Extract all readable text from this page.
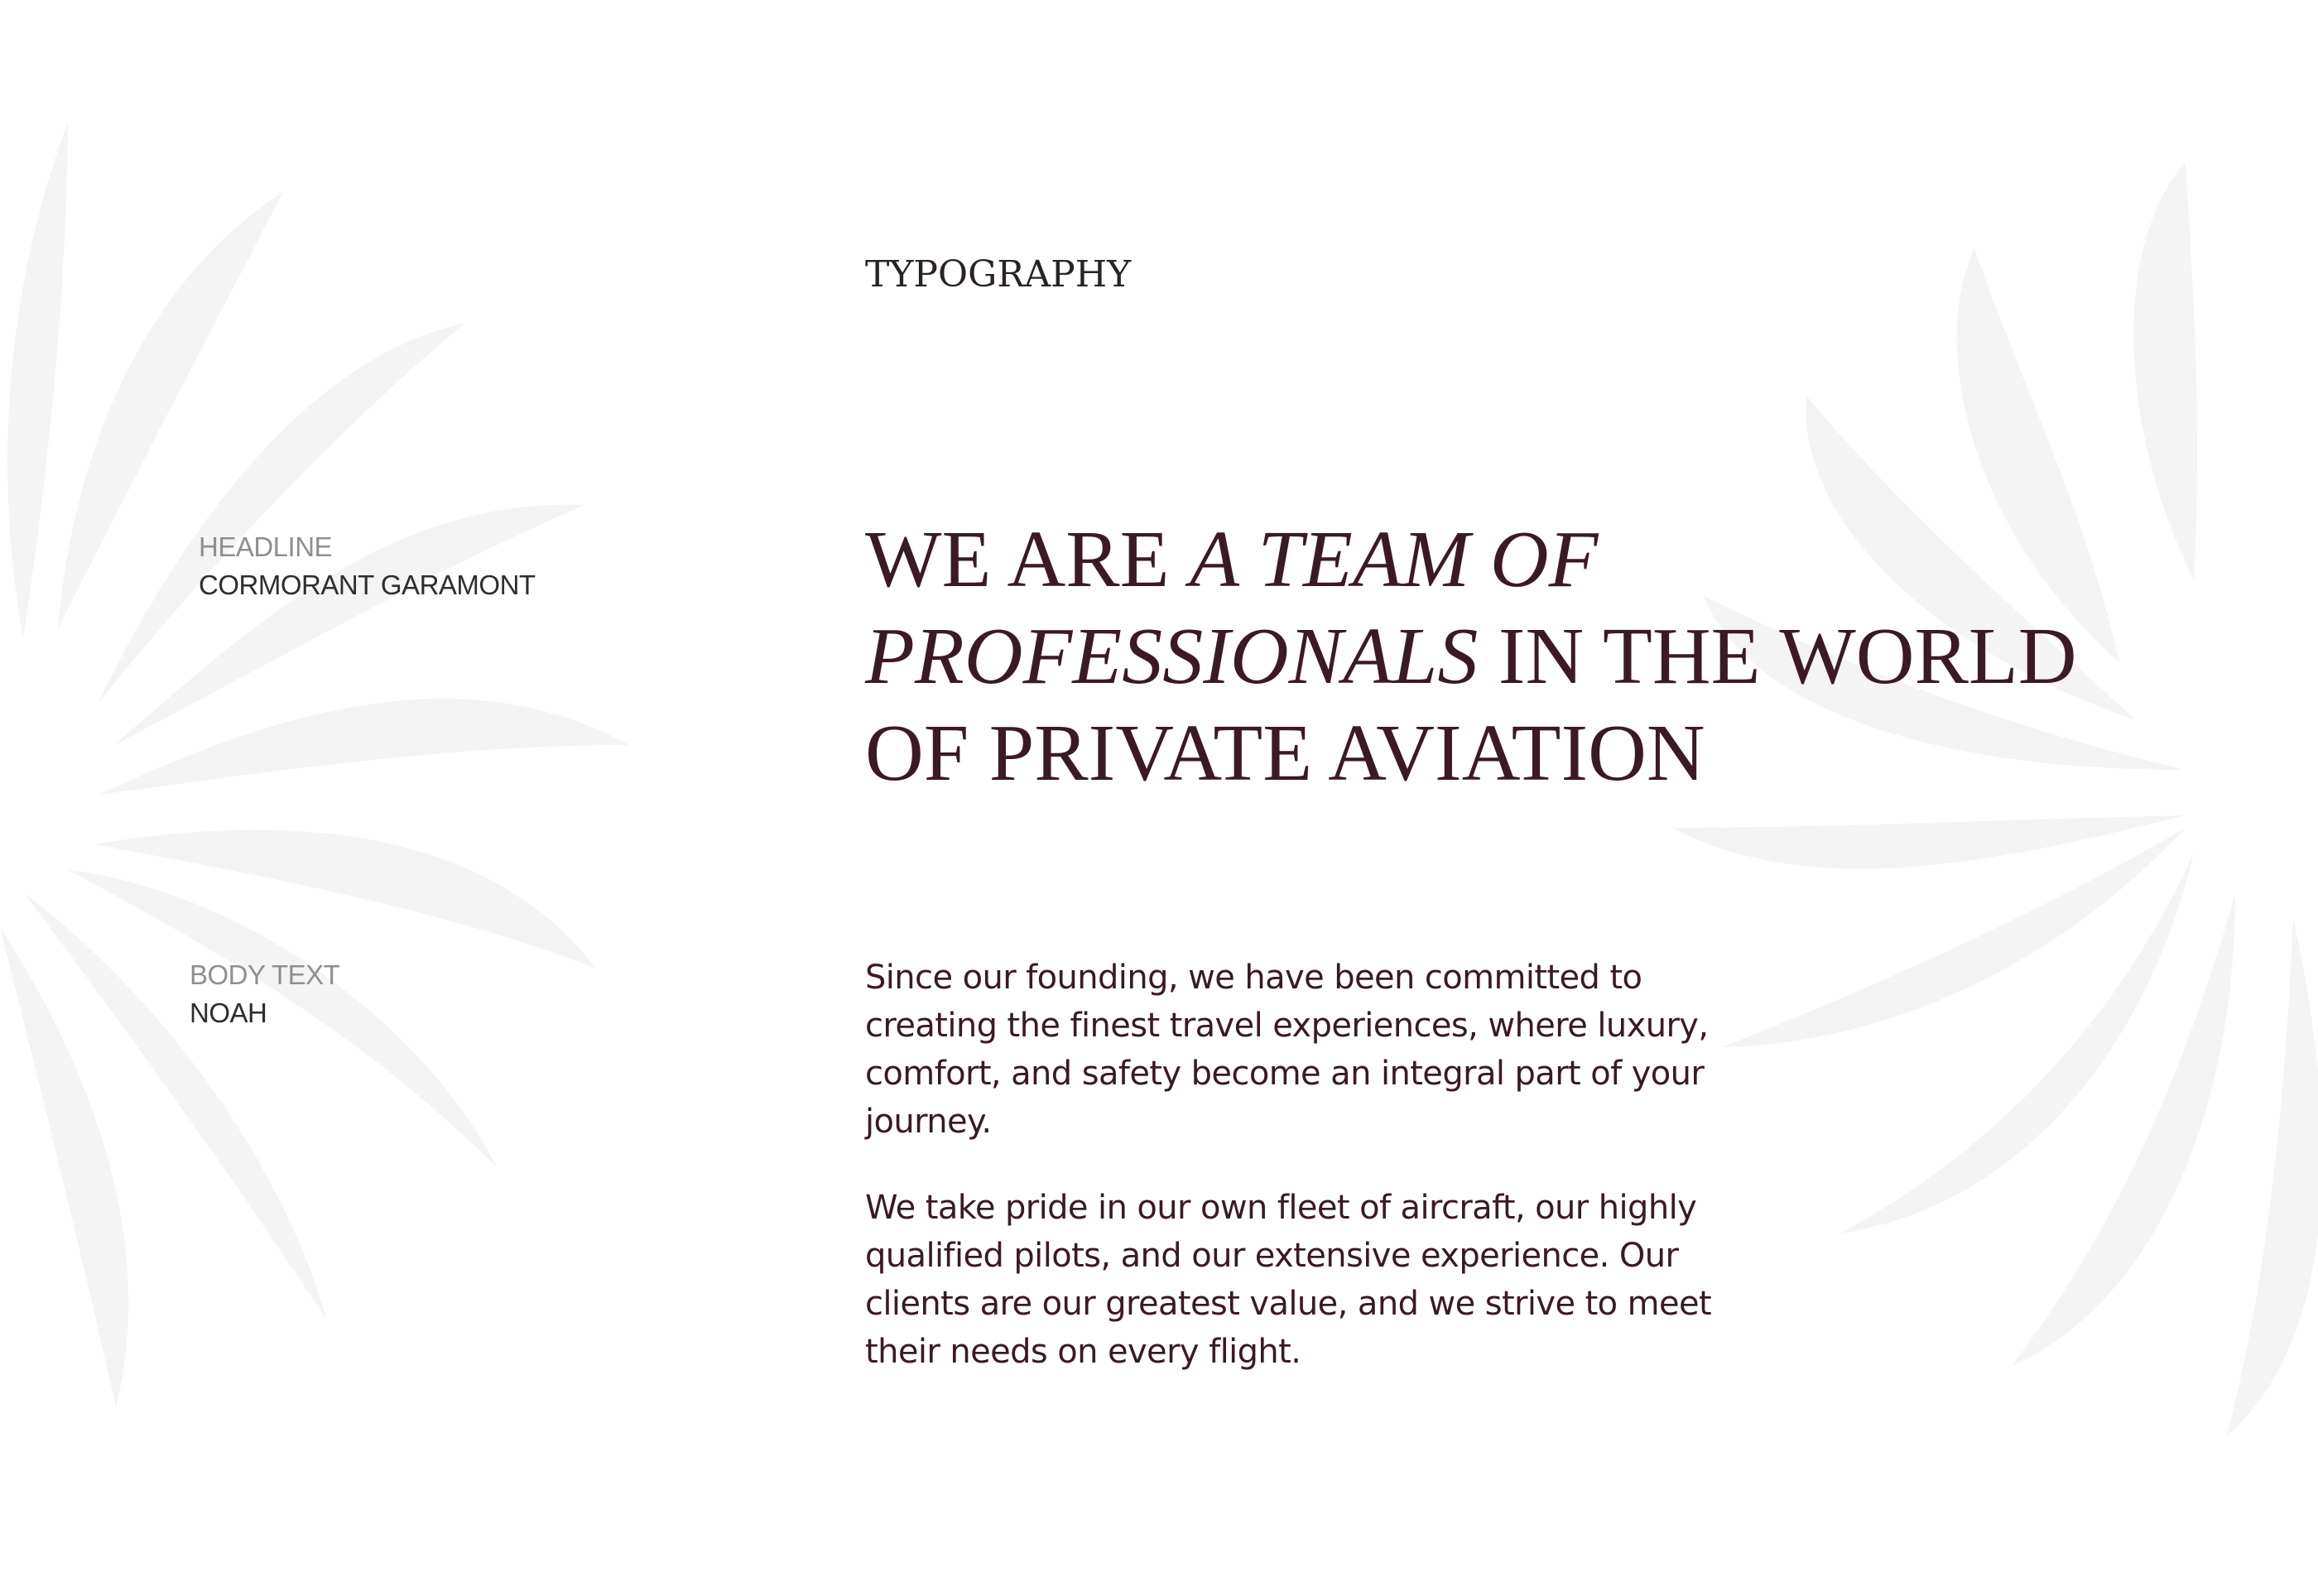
TYPOGRAPHY
HEADLINE
CORMORANT GARAMONT
BODY TEXT
NOAH
WE ARE A TEAM OF PROFESSIONALS IN THE WORLD OF PRIVATE AVIATION

Since our founding, we have been committed to creating the finest travel experiences, where luxury, comfort, and safety become an integral part of your journey.

We take pride in our own fleet of aircraft, our highly qualified pilots, and our extensive experience. Our clients are our greatest value, and we strive to meet their needs on every flight.
